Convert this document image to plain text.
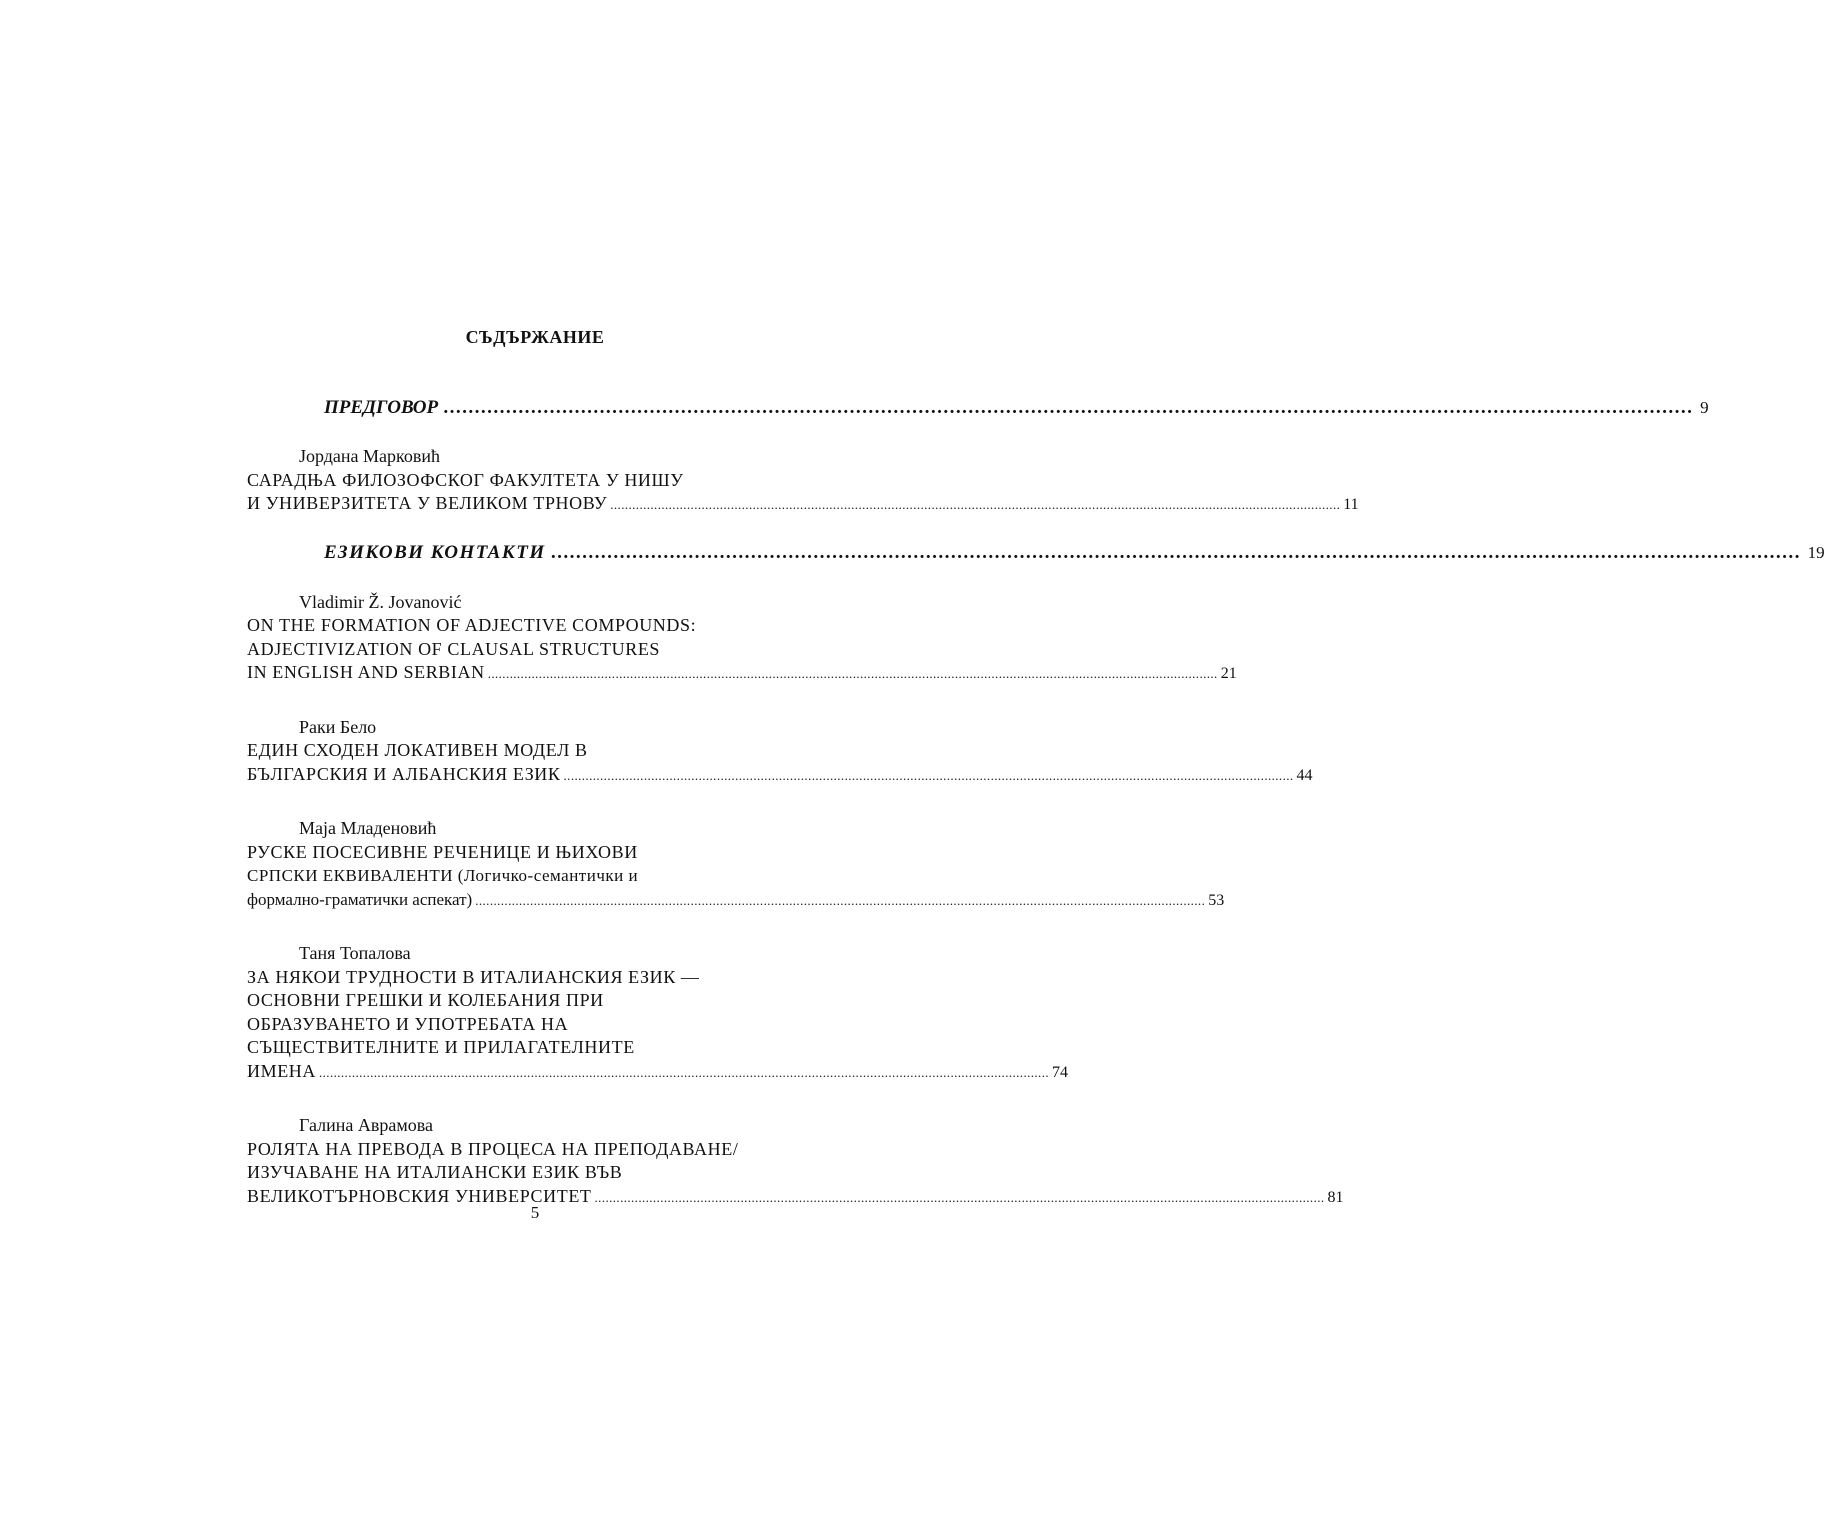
СЪДЪРЖАНИЕ
ПРЕДГОВОР ........................................................................................................................................................................................................ 9
Јордана Марковић
САРАДЊА ФИЛОЗОФСКОГ ФАКУЛТЕТА У НИШУ
И УНИВЕРЗИТЕТА У ВЕЛИКОМ ТРНОВУ ........................................................................................................................................................................................................ 11
ЕЗИКОВИ КОНТАКТИ ........................................................................................................................................................................................................ 19
Vladimir Ž. Jovanović
ON THE FORMATION OF ADJECTIVE COMPOUNDS:
ADJECTIVIZATION OF CLAUSAL STRUCTURES
IN ENGLISH AND SERBIAN ........................................................................................................................................................................................................ 21
Раки Бело
ЕДИН СХОДЕН ЛОКАТИВЕН МОДЕЛ В
БЪЛГАРСКИЯ И АЛБАНСКИЯ ЕЗИК ........................................................................................................................................................................................................ 44
Маја Младеновић
РУСКЕ ПОСЕСИВНЕ РЕЧЕНИЦЕ И ЊИХОВИ
СРПСКИ ЕКВИВАЛЕНТИ (Логичко-семантички и
формално-граматички аспекат) ........................................................................................................................................................................................................ 53
Таня Топалова
ЗА НЯКОИ ТРУДНОСТИ В ИТАЛИАНСКИЯ ЕЗИК —
ОСНОВНИ ГРЕШКИ И КОЛЕБАНИЯ ПРИ
ОБРАЗУВАНЕТО И УПОТРЕБАТА НА
СЪЩЕСТВИТЕЛНИТЕ И ПРИЛАГАТЕЛНИТЕ
ИМЕНА ........................................................................................................................................................................................................ 74
Галина Аврамова
РОЛЯТА НА ПРЕВОДА В ПРОЦЕСА НА ПРЕПОДАВАНЕ/
ИЗУЧАВАНЕ НА ИТАЛИАНСКИ ЕЗИК ВЪВ
ВЕЛИКОТЪРНОВСКИЯ УНИВЕРСИТЕТ ........................................................................................................................................................................................................ 81
5
